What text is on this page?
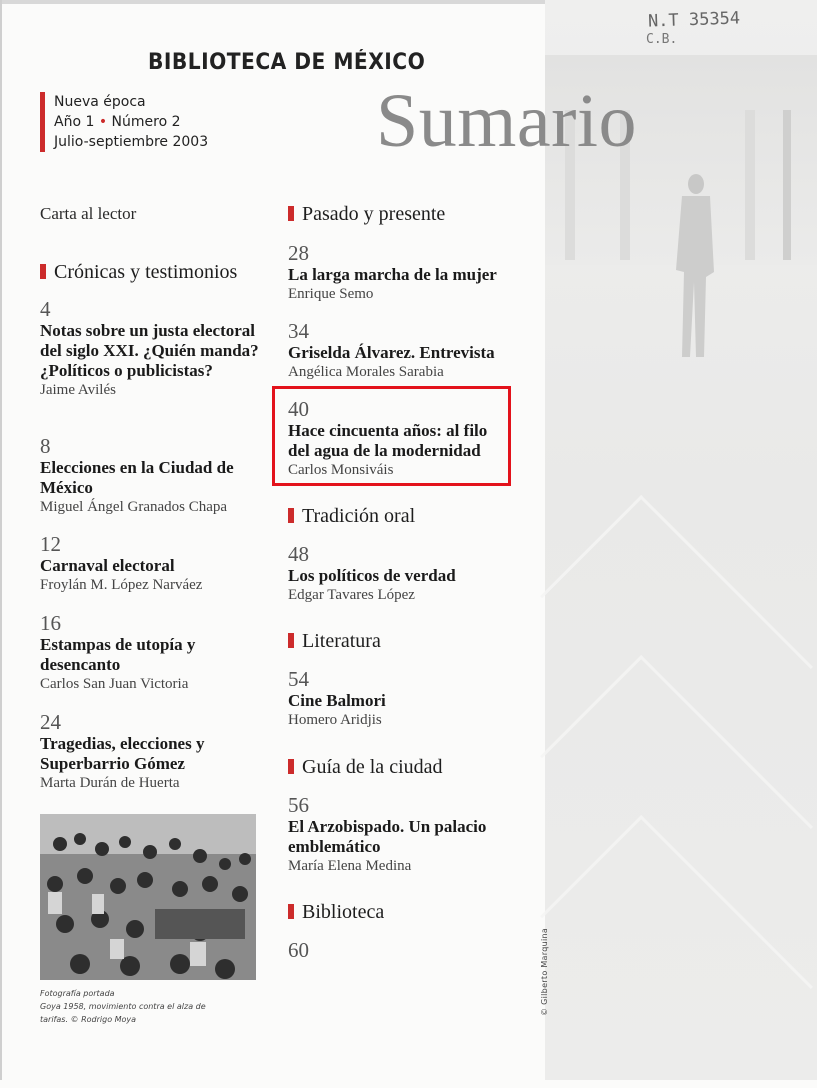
BIBLIOTECA DE MÉXICO
N.T 35354
C.B.
Nueva época
Año 1 • Número 2
Julio-septiembre 2003 Sumario
Carta al lector
Crónicas y testimonios
4
Notas sobre un justa electoral del siglo XXI. ¿Quién manda? ¿Políticos o publicistas?
Jaime Avilés
8
Elecciones en la Ciudad de México
Miguel Ángel Granados Chapa
12
Carnaval electoral
Froylán M. López Narváez
16
Estampas de utopía y desencanto
Carlos San Juan Victoria
24
Tragedias, elecciones y Superbarrio Gómez
Marta Durán de Huerta
Fotografía portada
Goya 1958, movimiento contra el alza de
tarifas. © Rodrigo Moya
Pasado y presente
28
La larga marcha de la mujer
Enrique Semo
34
Griselda Álvarez. Entrevista
Angélica Morales Sarabia
40
Hace cincuenta años: al filo del agua de la modernidad
Carlos Monsiváis
Tradición oral
48
Los políticos de verdad
Edgar Tavares López
Literatura
54
Cine Balmori
Homero Aridjis
Guía de la ciudad
56
El Arzobispado. Un palacio emblemático
María Elena Medina
Biblioteca
60	© Gilberto Marquina
